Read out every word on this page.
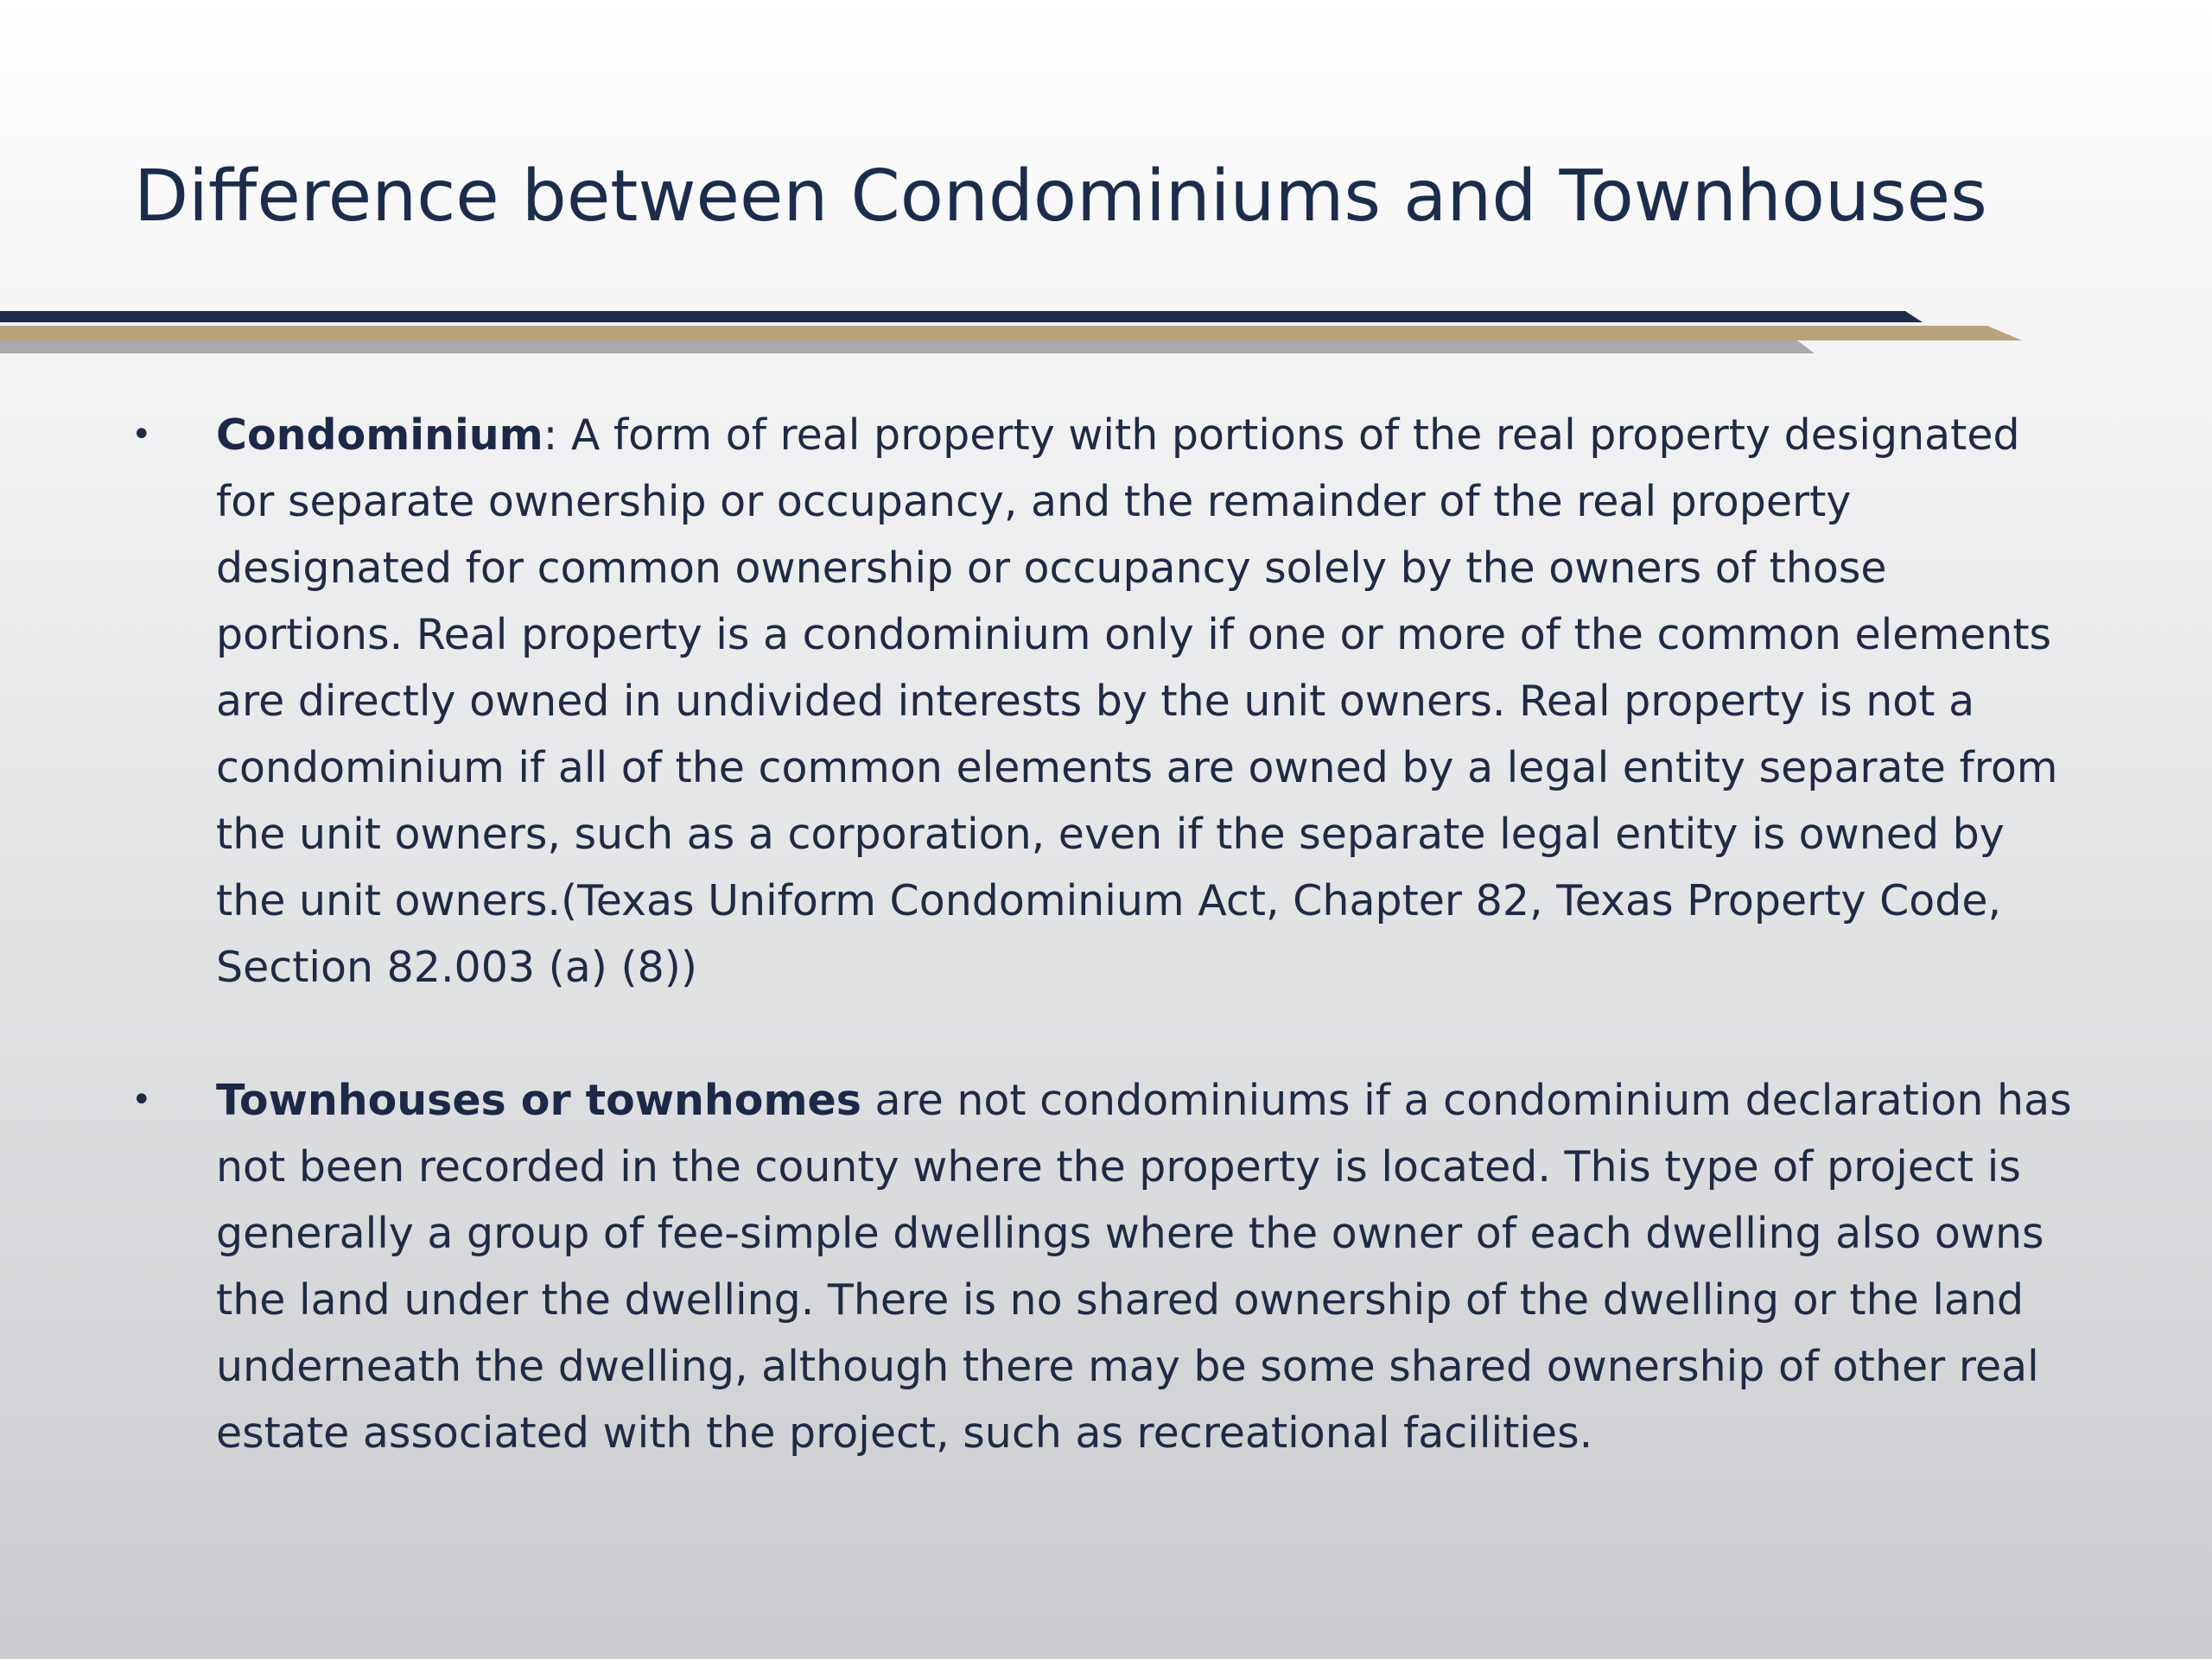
Difference between Condominiums and Townhouses
• Condominium: A form of real property with portions of the real property designated for separate ownership or occupancy, and the remainder of the real property designated for common ownership or occupancy solely by the owners of those portions. Real property is a condominium only if one or more of the common elements are directly owned in undivided interests by the unit owners. Real property is not a condominium if all of the common elements are owned by a legal entity separate from the unit owners, such as a corporation, even if the separate legal entity is owned by the unit owners.(Texas Uniform Condominium Act, Chapter 82, Texas Property Code, Section 82.003 (a) (8))
• Townhouses or townhomes are not condominiums if a condominium declaration has not been recorded in the county where the property is located. This type of project is generally a group of fee-simple dwellings where the owner of each dwelling also owns the land under the dwelling. There is no shared ownership of the dwelling or the land underneath the dwelling, although there may be some shared ownership of other real estate associated with the project, such as recreational facilities.
